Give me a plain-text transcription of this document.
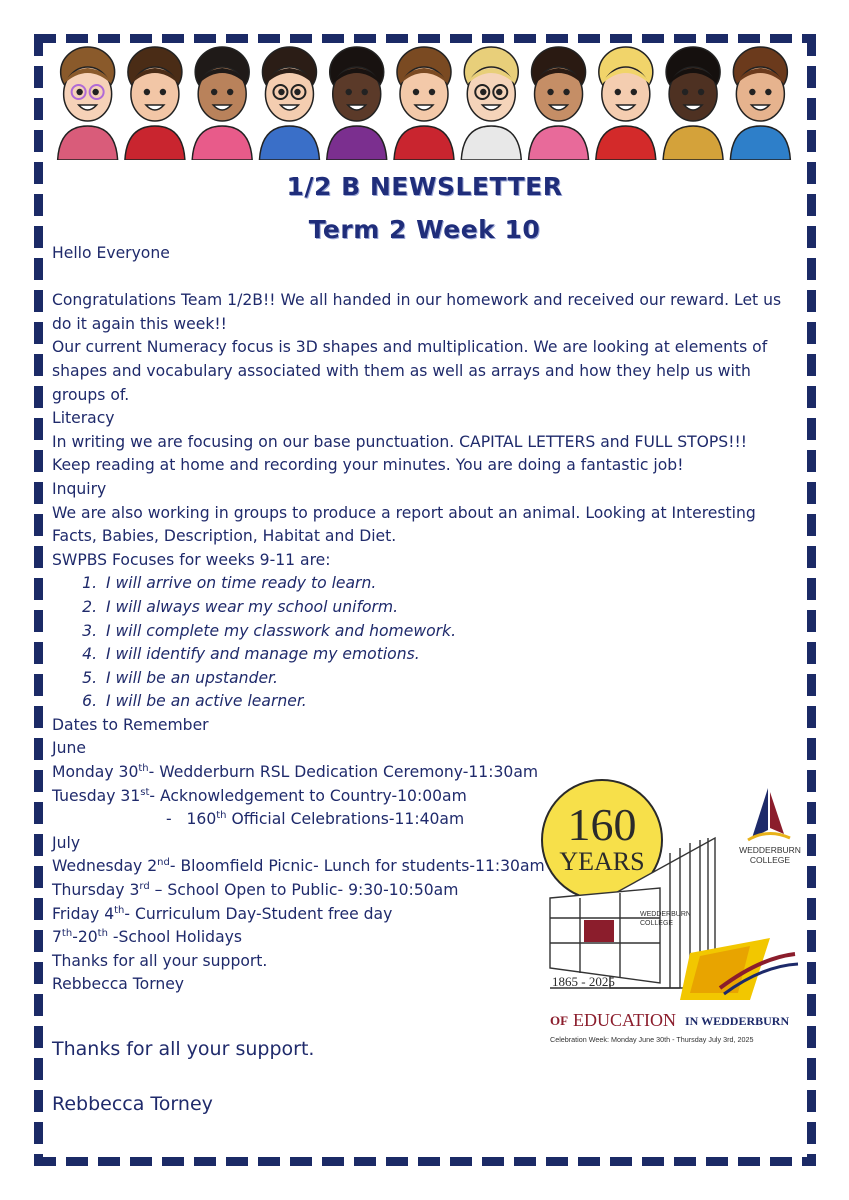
1/2 B NEWSLETTER
Term 2 Week 10
Hello Everyone
Congratulations Team 1/2B!! We all handed in our homework and received our reward. Let us
do it again this week!!
Our current Numeracy focus is 3D shapes and multiplication. We are looking at elements of
shapes and vocabulary associated with them as well as arrays and how they help us with
groups of.
Literacy
In writing we are focusing on our base punctuation. CAPITAL LETTERS and FULL STOPS!!!
Keep reading at home and recording your minutes. You are doing a fantastic job!
Inquiry
We are also working in groups to produce a report about an animal. Looking at Interesting
Facts, Babies, Description, Habitat and Diet.
SWPBS Focuses for weeks 9-11 are:
1. I will arrive on time ready to learn.
2. I will always wear my school uniform.
3. I will complete my classwork and homework.
4. I will identify and manage my emotions.
5. I will be an upstander.
6. I will be an active learner.
Dates to Remember
June
Monday 30th- Wedderburn RSL Dedication Ceremony-11:30am
Tuesday 31st- Acknowledgement to Country-10:00am
-   160th Official Celebrations-11:40am
July
Wednesday 2nd- Bloomfield Picnic- Lunch for students-11:30am
Thursday 3rd – School Open to Public- 9:30-10:50am
Friday 4th- Curriculum Day-Student free day
7th-20th -School Holidays
Thanks for all your support.
Rebbecca Torney
Thanks for all your support.
Rebbecca Torney
160
YEARS	WEDDERBURN
COLLEGE
WEDDERBURN
COLLEGE
1865 - 2025
OF EDUCATION IN WEDDERBURN
Celebration Week: Monday June 30th - Thursday July 3rd, 2025
